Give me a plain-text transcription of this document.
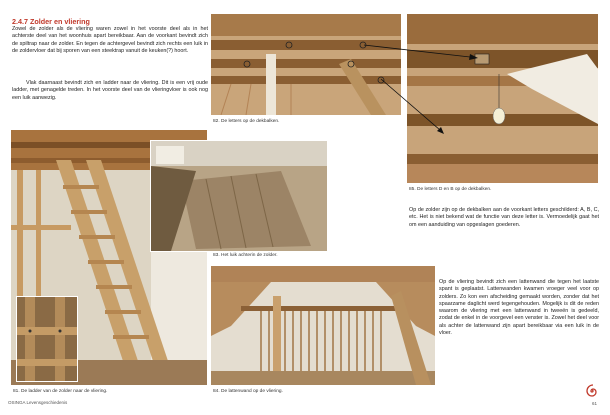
2.4.7 Zolder en vliering
Zowel de zolder als de vliering waren zowel in het voorste deel als in het achterste deel van het woonhuis apart bereikbaar. Aan de voorkant bevindt zich de spiltrap naar de zolder. En tegen de achtergevel bevindt zich rechts een luik in de zoldervloer dat bij sporen van een steektrap vanuit de keuken(?) hoort.
Vlak daarnaast bevindt zich en ladder naar de vliering. Dit is een vrij oude ladder, met genagelde treden. In het voorste deel van de vlieringvloer is ook nog een luik aanwezig.
81. De ladder van de zolder naar de vliering.
83. Het luik achterin de zolder.
82. De letters op de dekbalken.
85. De letters D en B op de dekbalken.
Op de zolder zijn op de dekbalken aan de voorkant letters geschilderd: A, B, C, etc. Het is niet bekend wat de functie van deze letter is. Vermoedelijk gaat het om een aanduiding van opgeslagen goederen.
84. De lattenwand op de vliering.
Op de vliering bevindt zich een lattenwand die tegen het laatste spant is geplaatst. Lattenwanden kwamen vroeger veel voor op zolders. Zo kon een afscheiding gemaakt worden, zonder dat het spaarzame daglicht werd tegengehouden. Mogelijk is dit de reden waarom de vliering met een lattenwand in tweeën is gedeeld, zodat de enkel in de voorgevel een venster is. Zowel het deel voor als achter de lattenwand zijn apart bereikbaar via een luik in de vloer.
OSINGA Levensgeschiedenis	61
